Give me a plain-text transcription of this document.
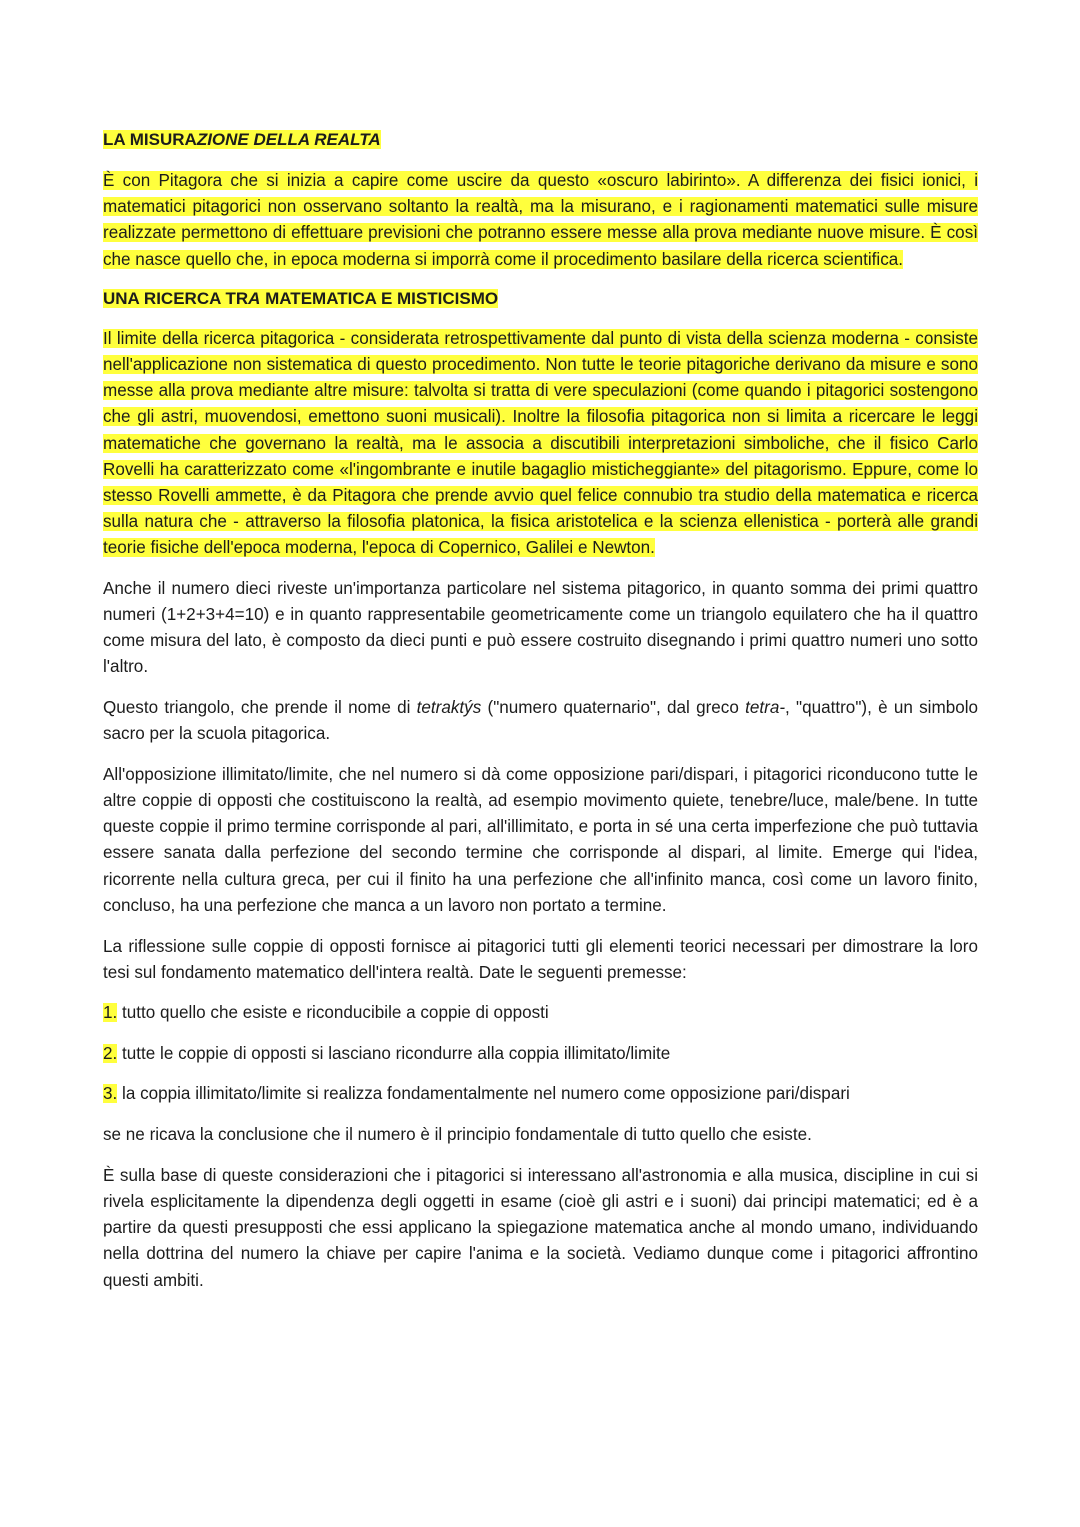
LA MISURAZIONE DELLA REALTA

È con Pitagora che si inizia a capire come uscire da questo «oscuro labirinto». A differenza dei fisici ionici, i matematici pitagorici non osservano soltanto la realtà, ma la misurano, e i ragionamenti matematici sulle misure realizzate permettono di effettuare previsioni che potranno essere messe alla prova mediante nuove misure. È così che nasce quello che, in epoca moderna si imporrà come il procedimento basilare della ricerca scientifica.

UNA RICERCA TRA MATEMATICA E MISTICISMO

Il limite della ricerca pitagorica - considerata retrospettivamente dal punto di vista della scienza moderna - consiste nell'applicazione non sistematica di questo procedimento. Non tutte le teorie pitagoriche derivano da misure e sono messe alla prova mediante altre misure: talvolta si tratta di vere speculazioni (come quando i pitagorici sostengono che gli astri, muovendosi, emettono suoni musicali). Inoltre la filosofia pitagorica non si limita a ricercare le leggi matematiche che governano la realtà, ma le associa a discutibili interpretazioni simboliche, che il fisico Carlo Rovelli ha caratterizzato come «l'ingombrante e inutile bagaglio misticheggiante» del pitagorismo. Eppure, come lo stesso Rovelli ammette, è da Pitagora che prende avvio quel felice connubio tra studio della matematica e ricerca sulla natura che - attraverso la filosofia platonica, la fisica aristotelica e la scienza ellenistica - porterà alle grandi teorie fisiche dell'epoca moderna, l'epoca di Copernico, Galilei e Newton.

Anche il numero dieci riveste un'importanza particolare nel sistema pitagorico, in quanto somma dei primi quattro numeri (1+2+3+4=10) e in quanto rappresentabile geometricamente come un triangolo equilatero che ha il quattro come misura del lato, è composto da dieci punti e può essere costruito disegnando i primi quattro numeri uno sotto l'altro.

Questo triangolo, che prende il nome di tetraktýs ("numero quaternario", dal greco tetra-, "quattro"), è un simbolo sacro per la scuola pitagorica.

All'opposizione illimitato/limite, che nel numero si dà come opposizione pari/dispari, i pitagorici riconducono tutte le altre coppie di opposti che costituiscono la realtà, ad esempio movimento quiete, tenebre/luce, male/bene. In tutte queste coppie il primo termine corrisponde al pari, all'illimitato, e porta in sé una certa imperfezione che può tuttavia essere sanata dalla perfezione del secondo termine che corrisponde al dispari, al limite. Emerge qui l'idea, ricorrente nella cultura greca, per cui il finito ha una perfezione che all'infinito manca, così come un lavoro finito, concluso, ha una perfezione che manca a un lavoro non portato a termine.

La riflessione sulle coppie di opposti fornisce ai pitagorici tutti gli elementi teorici necessari per dimostrare la loro tesi sul fondamento matematico dell'intera realtà. Date le seguenti premesse:

1. tutto quello che esiste e riconducibile a coppie di opposti

2. tutte le coppie di opposti si lasciano ricondurre alla coppia illimitato/limite

3. la coppia illimitato/limite si realizza fondamentalmente nel numero come opposizione pari/dispari

se ne ricava la conclusione che il numero è il principio fondamentale di tutto quello che esiste.

È sulla base di queste considerazioni che i pitagorici si interessano all'astronomia e alla musica, discipline in cui si rivela esplicitamente la dipendenza degli oggetti in esame (cioè gli astri e i suoni) dai principi matematici; ed è a partire da questi presupposti che essi applicano la spiegazione matematica anche al mondo umano, individuando nella dottrina del numero la chiave per capire l'anima e la società. Vediamo dunque come i pitagorici affrontino questi ambiti.
